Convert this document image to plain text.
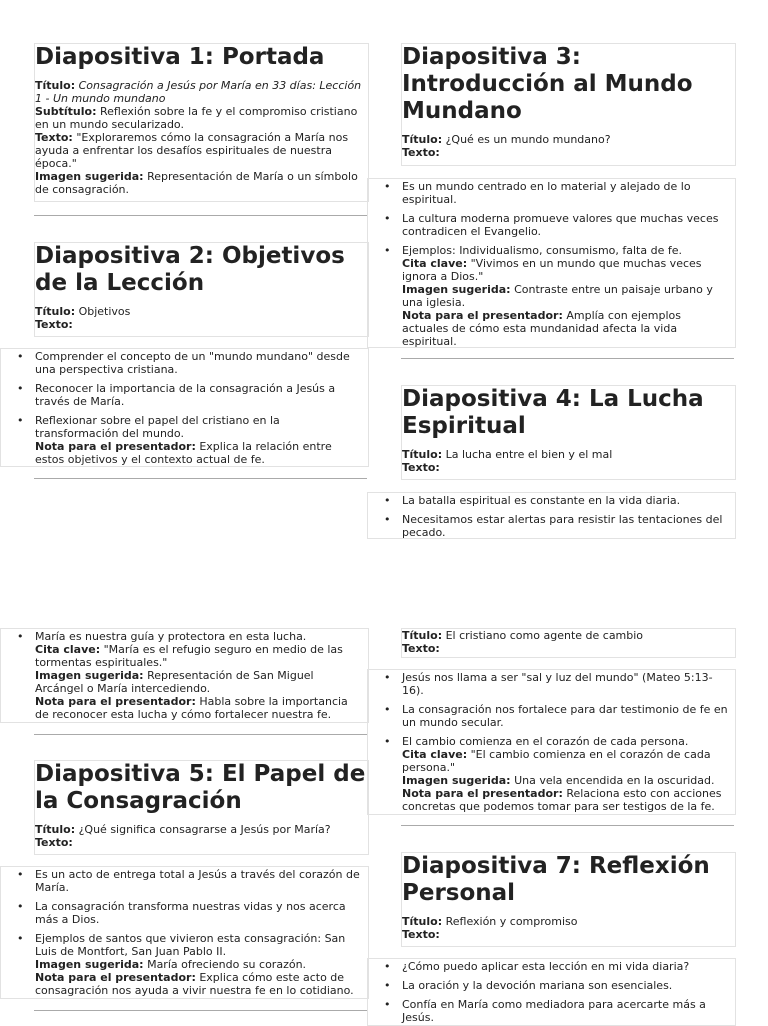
Diapositiva 1: Portada

Título: Consagración a Jesús por María en 33 días: Lección 1 - Un mundo mundano

Subtítulo: Reflexión sobre la fe y el compromiso cristiano en un mundo secularizado.

Texto: "Exploraremos cómo la consagración a María nos ayuda a enfrentar los desafíos espirituales de nuestra época."

Imagen sugerida: Representación de María o un símbolo de consagración.

Diapositiva 2: Objetivos de la Lección

Título: Objetivos

Texto:

• Comprender el concepto de un "mundo mundano" desde una perspectiva cristiana.
• Reconocer la importancia de la consagración a Jesús a través de María.
• Reflexionar sobre el papel del cristiano en la transformación del mundo.
Nota para el presentador: Explica la relación entre estos objetivos y el contexto actual de fe.
Diapositiva 3: Introducción al Mundo Mundano

Título: ¿Qué es un mundo mundano?

Texto:

• Es un mundo centrado en lo material y alejado de lo espiritual.
• La cultura moderna promueve valores que muchas veces contradicen el Evangelio.
• Ejemplos: Individualismo, consumismo, falta de fe.
Cita clave: "Vivimos en un mundo que muchas veces ignora a Dios."
Imagen sugerida: Contraste entre un paisaje urbano y una iglesia.
Nota para el presentador: Amplía con ejemplos actuales de cómo esta mundanidad afecta la vida espiritual.
Diapositiva 4: La Lucha Espiritual

Título: La lucha entre el bien y el mal

Texto:

• La batalla espiritual es constante en la vida diaria.
• Necesitamos estar alertas para resistir las tentaciones del pecado.
• María es nuestra guía y protectora en esta lucha.
Cita clave: "María es el refugio seguro en medio de las tormentas espirituales."
Imagen sugerida: Representación de San Miguel Arcángel o María intercediendo.
Nota para el presentador: Habla sobre la importancia de reconocer esta lucha y cómo fortalecer nuestra fe.
Diapositiva 5: El Papel de la Consagración

Título: ¿Qué significa consagrarse a Jesús por María?

Texto:

• Es un acto de entrega total a Jesús a través del corazón de María.
• La consagración transforma nuestras vidas y nos acerca más a Dios.
• Ejemplos de santos que vivieron esta consagración: San Luis de Montfort, San Juan Pablo II.
Imagen sugerida: María ofreciendo su corazón.
Nota para el presentador: Explica cómo este acto de consagración nos ayuda a vivir nuestra fe en lo cotidiano.

Título: El cristiano como agente de cambio

Texto:

• Jesús nos llama a ser "sal y luz del mundo" (Mateo 5:13-16).
• La consagración nos fortalece para dar testimonio de fe en un mundo secular.
• El cambio comienza en el corazón de cada persona.
Cita clave: "El cambio comienza en el corazón de cada persona."
Imagen sugerida: Una vela encendida en la oscuridad.
Nota para el presentador: Relaciona esto con acciones concretas que podemos tomar para ser testigos de la fe.
Diapositiva 7: Reflexión Personal

Título: Reflexión y compromiso

Texto:

• ¿Cómo puedo aplicar esta lección en mi vida diaria?
• La oración y la devoción mariana son esenciales.
• Confía en María como mediadora para acercarte más a Jesús.
